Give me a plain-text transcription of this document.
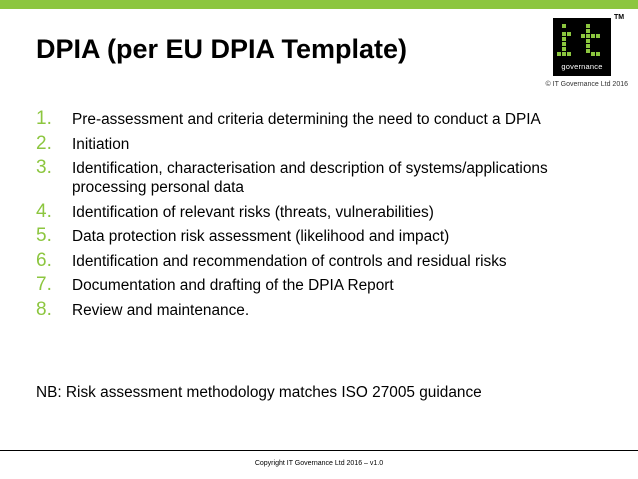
DPIA (per EU DPIA Template)
governance
TM
© IT Governance Ltd 2016
1. Pre-assessment and criteria determining the need to conduct a DPIA
2. Initiation
3. Identification, characterisation and description of systems/applications processing personal data
4. Identification of relevant risks (threats, vulnerabilities)
5. Data protection risk assessment (likelihood and impact)
6. Identification and recommendation of controls and residual risks
7. Documentation and drafting of the DPIA Report
8. Review and maintenance.
NB: Risk assessment methodology matches ISO 27005 guidance
Copyright IT Governance Ltd 2016 – v1.0
